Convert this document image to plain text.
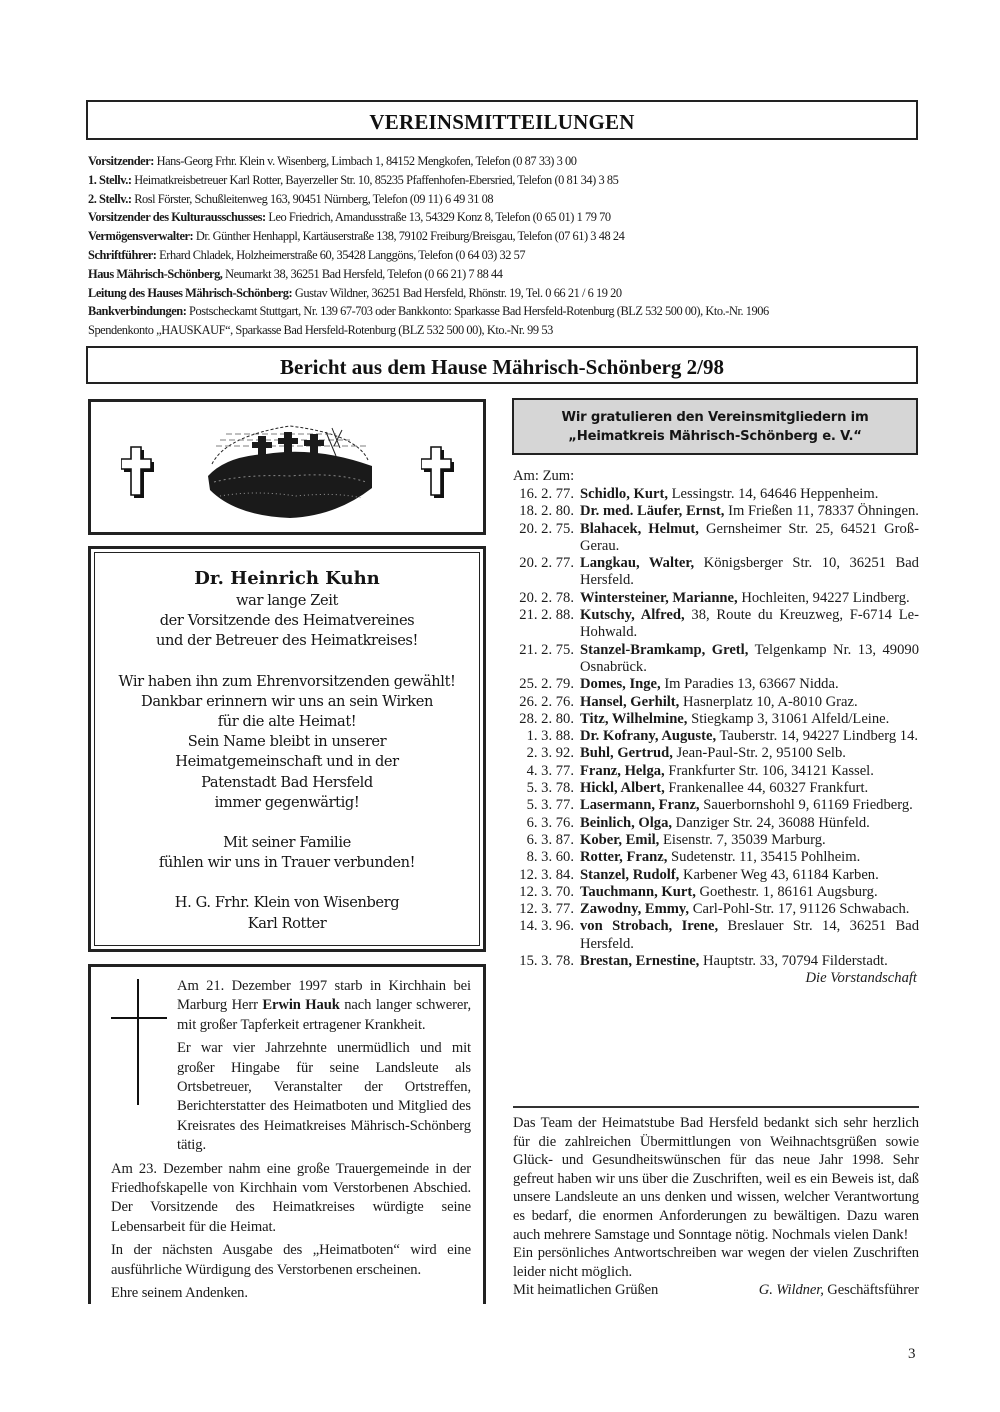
VEREINSMITTEILUNGEN
Vorsitzender: Hans-Georg Frhr. Klein v. Wisenberg, Limbach 1, 84152 Mengkofen, Telefon (0 87 33) 3 00
1. Stellv.: Heimatkreisbetreuer Karl Rotter, Bayerzeller Str. 10, 85235 Pfaffenhofen-Ebersried, Telefon (0 81 34) 3 85
2. Stellv.: Rosl Förster, Schußleitenweg 163, 90451 Nürnberg, Telefon (09 11) 6 49 31 08
Vorsitzender des Kulturausschusses: Leo Friedrich, Amandusstraße 13, 54329 Konz 8, Telefon (0 65 01) 1 79 70
Vermögensverwalter: Dr. Günther Henhappl, Kartäuserstraße 138, 79102 Freiburg/Breisgau, Telefon (07 61) 3 48 24
Schriftführer: Erhard Chladek, Holzheimerstraße 60, 35428 Langgöns, Telefon (0 64 03) 32 57
Haus Mährisch-Schönberg, Neumarkt 38, 36251 Bad Hersfeld, Telefon (0 66 21) 7 88 44
Leitung des Hauses Mährisch-Schönberg: Gustav Wildner, 36251 Bad Hersfeld, Rhönstr. 19, Tel. 0 66 21 / 6 19 20
Bankverbindungen: Postscheckamt Stuttgart, Nr. 139 67-703 oder Bankkonto: Sparkasse Bad Hersfeld-Rotenburg (BLZ 532 500 00), Kto.-Nr. 1906
Spendenkonto „HAUSKAUF“, Sparkasse Bad Hersfeld-Rotenburg (BLZ 532 500 00), Kto.-Nr. 99 53
Bericht aus dem Hause Mährisch-Schönberg 2/98
Dr. Heinrich Kuhn
war lange Zeit
der Vorsitzende des Heimatvereines
und der Betreuer des Heimatkreises!
Wir haben ihn zum Ehrenvorsitzenden gewählt!
Dankbar erinnern wir uns an sein Wirken
für die alte Heimat!
Sein Name bleibt in unserer
Heimatgemeinschaft und in der
Patenstadt Bad Hersfeld
immer gegenwärtig!
Mit seiner Familie
fühlen wir uns in Trauer verbunden!
H. G. Frhr. Klein von Wisenberg
Karl Rotter

Am 21. Dezember 1997 starb in Kirchhain bei Marburg Herr Erwin Hauk nach langer schwerer, mit großer Tapferkeit ertragener Krankheit.

Er war vier Jahrzehnte unermüdlich und mit großer Hingabe für seine Landsleute als Ortsbetreuer, Veranstalter der Ortstreffen, Berichterstatter des Heimatboten und Mitglied des Kreisrates des Heimatkreises Mährisch-Schönberg tätig.

Am 23. Dezember nahm eine große Trauergemeinde in der Friedhofskapelle von Kirchhain vom Verstorbenen Abschied. Der Vorsitzende des Heimatkreises würdigte seine Lebensarbeit für die Heimat.

In der nächsten Ausgabe des „Heimatboten“ wird eine ausführliche Würdigung des Verstorbenen erscheinen.

Ehre seinem Andenken.

Wir gratulieren den Vereinsmitgliedern im
„Heimatkreis Mährisch-Schönberg e. V.“
Am: Zum:
16. 2. 77. Schidlo, Kurt, Lessingstr. 14, 64646 Heppenheim.
18. 2. 80. Dr. med. Läufer, Ernst, Im Frießen 11, 78337 Öhningen.
20. 2. 75. Blahacek, Helmut, Gernsheimer Str. 25, 64521 Groß-Gerau.
20. 2. 77. Langkau, Walter, Königsberger Str. 10, 36251 Bad Hersfeld.
20. 2. 78. Wintersteiner, Marianne, Hochleiten, 94227 Lindberg.
21. 2. 88. Kutschy, Alfred, 38, Route du Kreuzweg, F-6714 Le-Hohwald.
21. 2. 75. Stanzel-Bramkamp, Gretl, Telgenkamp Nr. 13, 49090 Osnabrück.
25. 2. 79. Domes, Inge, Im Paradies 13, 63667 Nidda.
26. 2. 76. Hansel, Gerhilt, Hasnerplatz 10, A-8010 Graz.
28. 2. 80. Titz, Wilhelmine, Stiegkamp 3, 31061 Alfeld/Leine.
1. 3. 88. Dr. Kofrany, Auguste, Tauberstr. 14, 94227 Lindberg 14.
2. 3. 92. Buhl, Gertrud, Jean-Paul-Str. 2, 95100 Selb.
4. 3. 77. Franz, Helga, Frankfurter Str. 106, 34121 Kassel.
5. 3. 78. Hickl, Albert, Frankenallee 44, 60327 Frankfurt.
5. 3. 77. Lasermann, Franz, Sauerbornshohl 9, 61169 Friedberg.
6. 3. 76. Beinlich, Olga, Danziger Str. 24, 36088 Hünfeld.
6. 3. 87. Kober, Emil, Eisenstr. 7, 35039 Marburg.
8. 3. 60. Rotter, Franz, Sudetenstr. 11, 35415 Pohlheim.
12. 3. 84. Stanzel, Rudolf, Karbener Weg 43, 61184 Karben.
12. 3. 70. Tauchmann, Kurt, Goethestr. 1, 86161 Augsburg.
12. 3. 77. Zawodny, Emmy, Carl-Pohl-Str. 17, 91126 Schwabach.
14. 3. 96. von Strobach, Irene, Breslauer Str. 14, 36251 Bad Hersfeld.
15. 3. 78. Brestan, Ernestine, Hauptstr. 33, 70794 Filderstadt.
Die Vorstandschaft
Das Team der Heimatstube Bad Hersfeld bedankt sich sehr herzlich für die zahlreichen Übermittlungen von Weihnachtsgrüßen sowie Glück- und Gesundheitswünschen für das neue Jahr 1998. Sehr gefreut haben wir uns über die Zuschriften, weil es ein Beweis ist, daß unsere Landsleute an uns denken und wissen, welcher Verantwortung es bedarf, die enormen Anforderungen zu bewältigen. Dazu waren auch mehrere Samstage und Sonntage nötig. Nochmals vielen Dank!
Ein persönliches Antwortschreiben war wegen der vielen Zuschriften leider nicht möglich.
Mit heimatlichen Grüßen	G. Wildner, Geschäftsführer
3
